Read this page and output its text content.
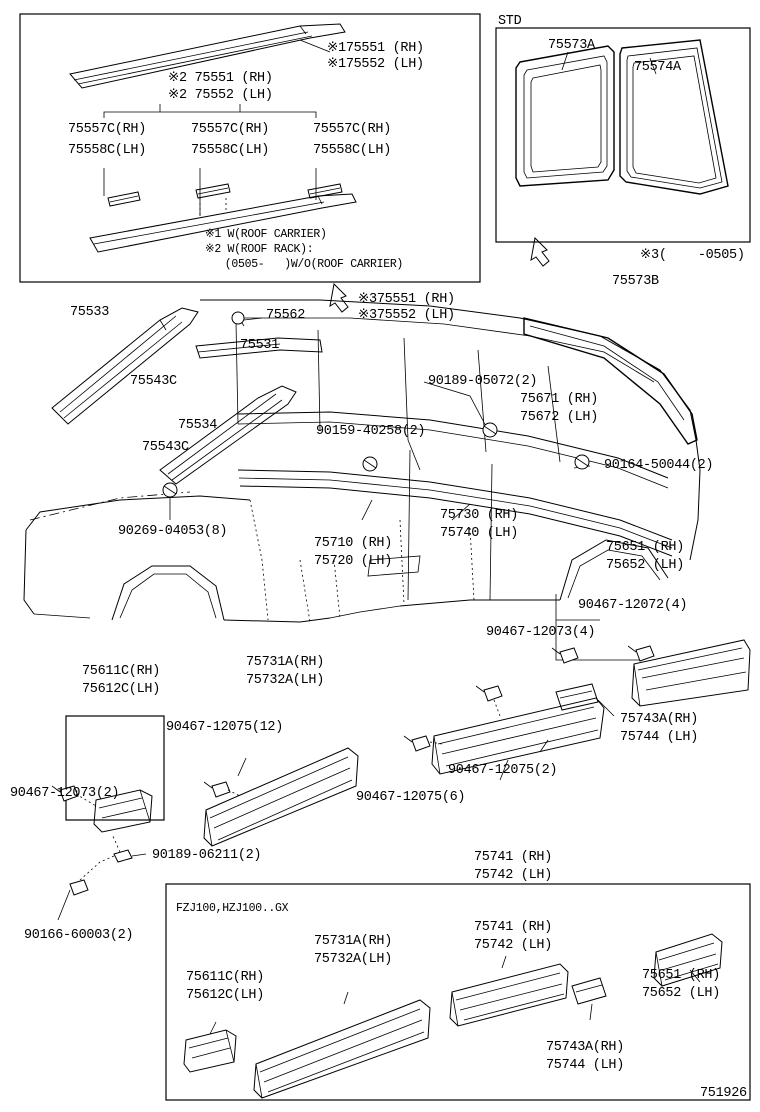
※175551 (RH)
※175552 (LH)
※2 75551 (RH)
※2 75552 (LH)
75557C(RH)
75558C(LH)
75557C(RH)
75558C(LH)
75557C(RH)
75558C(LH)
※1 W(ROOF CARRIER)
※2 W(ROOF RACK):
(0505-   )W/O(ROOF CARRIER)
STD
75573A
75574A
※3(    -0505)
75533
75543C
75534
75543C
75562
75531
※375551 (RH)
※375552 (LH)
75573B
90189-05072(2)
75671 (RH)
75672 (LH)
90159-40258(2)
90164-50044(2)
90269-04053(8)
75730 (RH)
75740 (LH)
75710 (RH)
75720 (LH)
75651 (RH)
75652 (LH)
90467-12072(4)
90467-12073(4)
75611C(RH)
75612C(LH)
75731A(RH)
75732A(LH)
90467-12075(12)
90467-12073(2)
90189-06211(2)
90166-60003(2)
90467-12075(2)
90467-12075(6)
75741 (RH)
75742 (LH)
75743A(RH)
75744 (LH)
FZJ100,HZJ100..GX
75611C(RH)
75612C(LH)
75731A(RH)
75732A(LH)
75741 (RH)
75742 (LH)
75743A(RH)
75744 (LH)
75651 (RH)
75652 (LH)
751926
